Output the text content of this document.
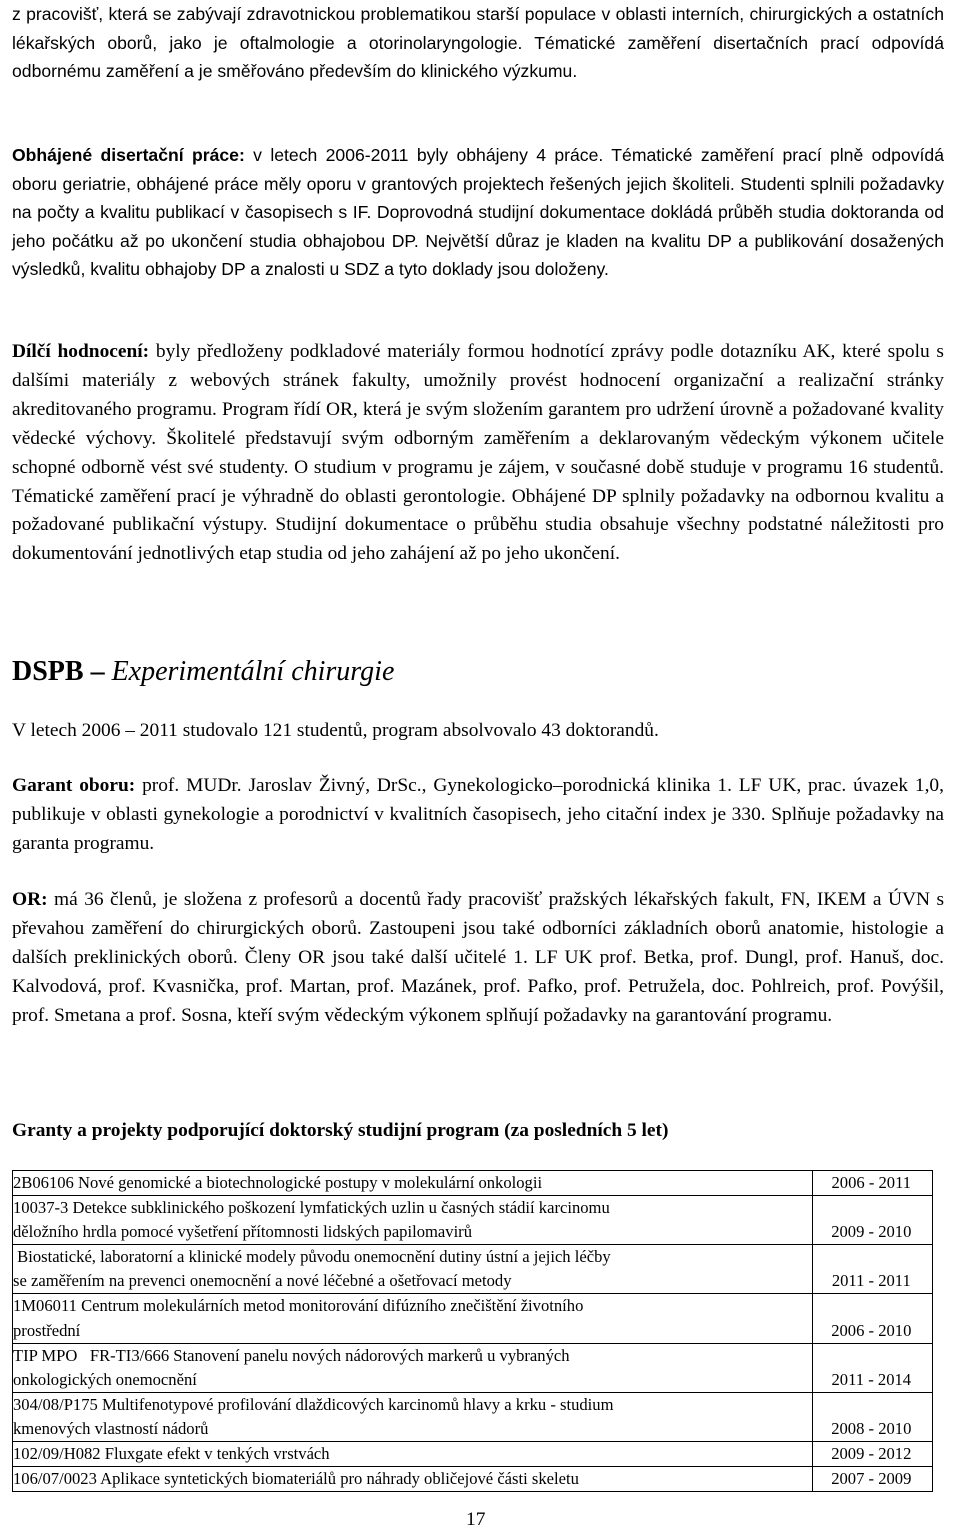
z pracovišť, která se zabývají zdravotnickou problematikou starší populace v oblasti interních, chirurgických a ostatních lékařských oborů, jako je oftalmologie a otorinolaryngologie. Tématické zaměření disertačních prací odpovídá odbornému zaměření a je směřováno především do klinického výzkumu.

Obhájené disertační práce: v letech 2006-2011 byly obhájeny 4 práce. Tématické zaměření prací plně odpovídá oboru geriatrie, obhájené práce měly oporu v grantových projektech řešených jejich školiteli. Studenti splnili požadavky na počty a kvalitu publikací v časopisech s IF. Doprovodná studijní dokumentace dokládá průběh studia doktoranda od jeho počátku až po ukončení studia obhajobou DP. Největší důraz je kladen na kvalitu DP a publikování dosažených výsledků, kvalitu obhajoby DP a znalosti u SDZ a tyto doklady jsou doloženy.

Dílčí hodnocení: byly předloženy podkladové materiály formou hodnotící zprávy podle dotazníku AK, které spolu s dalšími materiály z webových stránek fakulty, umožnily provést hodnocení organizační a realizační stránky akreditovaného programu. Program řídí OR, která je svým složením garantem pro udržení úrovně a požadované kvality vědecké výchovy. Školitelé představují svým odborným zaměřením a deklarovaným vědeckým výkonem učitele schopné odborně vést své studenty. O studium v programu je zájem, v současné době studuje v programu 16 studentů. Tématické zaměření prací je výhradně do oblasti gerontologie. Obhájené DP splnily požadavky na odbornou kvalitu a požadované publikační výstupy. Studijní dokumentace o průběhu studia obsahuje všechny podstatné náležitosti pro dokumentování jednotlivých etap studia od jeho zahájení až po jeho ukončení.

DSPB – Experimentální chirurgie

V letech 2006 – 2011 studovalo 121 studentů, program absolvovalo 43 doktorandů.

Garant oboru: prof. MUDr. Jaroslav Živný, DrSc., Gynekologicko–porodnická klinika 1. LF UK, prac. úvazek 1,0, publikuje v oblasti gynekologie a porodnictví v kvalitních časopisech, jeho citační index je 330. Splňuje požadavky na garanta programu.

OR: má 36 členů, je složena z profesorů a docentů řady pracovišť pražských lékařských fakult, FN, IKEM a ÚVN s převahou zaměření do chirurgických oborů. Zastoupeni jsou také odborníci základních oborů anatomie, histologie a dalších preklinických oborů. Členy OR jsou také další učitelé 1. LF UK prof. Betka, prof. Dungl, prof. Hanuš, doc. Kalvodová, prof. Kvasnička, prof. Martan, prof. Mazánek, prof. Pafko, prof. Petružela, doc. Pohlreich, prof. Povýšil, prof. Smetana a prof. Sosna, kteří svým vědeckým výkonem splňují požadavky na garantování programu.

Granty a projekty podporující doktorský studijní program (za posledních 5 let)
2B06106 Nové genomické a biotechnologické postupy v molekulární onkologii	2006 - 2011

10037-3 Detekce subklinického poškození lymfatických uzlin u časných stádií karcinomu
děložního hrdla pomocé vyšetření přítomnosti lidských papilomavirů	2009 - 2010

Biostatické, laboratorní a klinické modely původu onemocnění dutiny ústní a jejich léčby
se zaměřením na prevenci onemocnění a nové léčebné a ošetřovací metody	2011 - 2011

1M06011 Centrum molekulárních metod monitorování difúzního znečištění životního
prostřední	2006 - 2010

TIP MPO   FR-TI3/666 Stanovení panelu nových nádorových markerů u vybraných
onkologických onemocnění	2011 - 2014

304/08/P175 Multifenotypové profilování dlaždicových karcinomů hlavy a krku - studium
kmenových vlastností nádorů	2008 - 2010

102/09/H082 Fluxgate efekt v tenkých vrstvách	2009 - 2012

106/07/0023 Aplikace syntetických biomateriálů pro náhrady obličejové části skeletu	2007 - 2009
17
